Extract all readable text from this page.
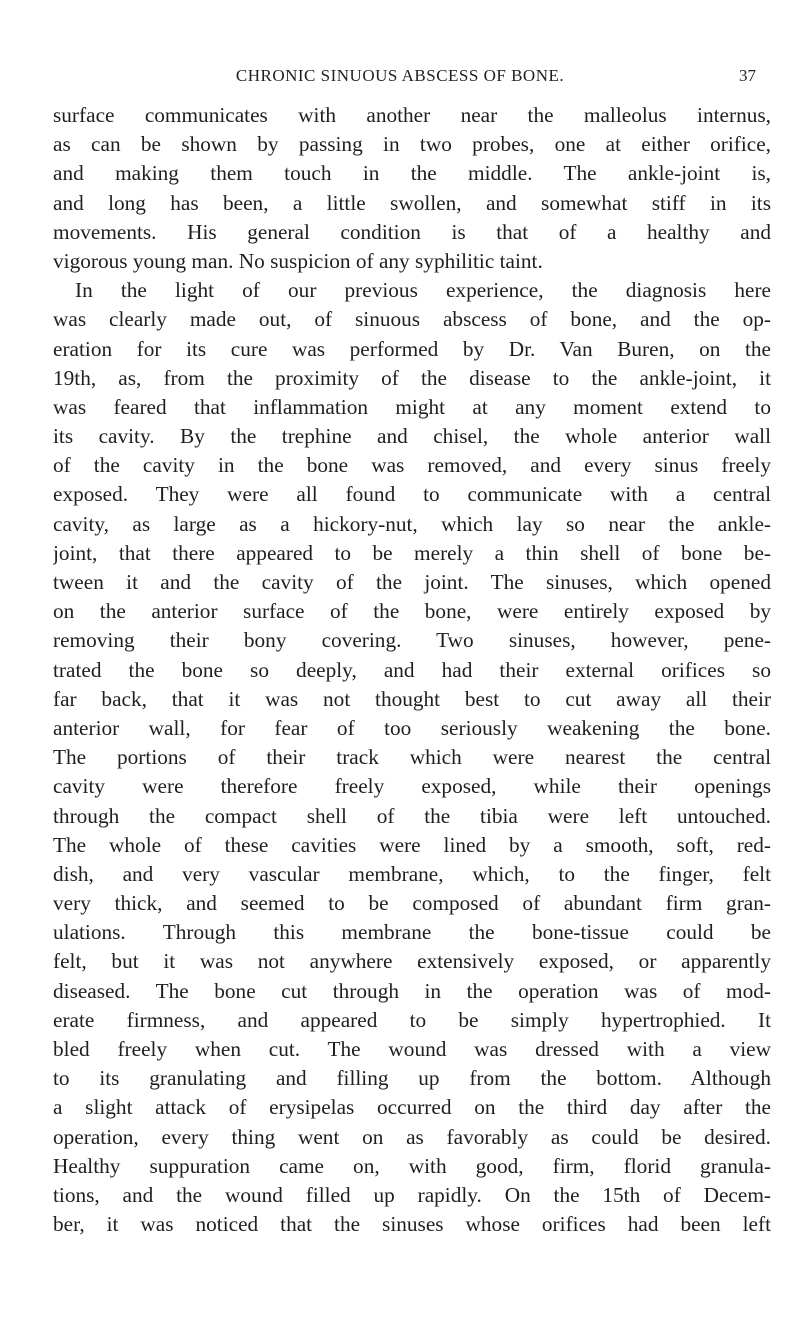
CHRONIC SINUOUS ABSCESS OF BONE.	37
surface communicates with another near the malleolus internus,
as can be shown by passing in two probes, one at either orifice,
and making them touch in the middle. The ankle-joint is,
and long has been, a little swollen, and somewhat stiff in its
movements. His general condition is that of a healthy and
vigorous young man. No suspicion of any syphilitic taint.
In the light of our previous experience, the diagnosis here
was clearly made out, of sinuous abscess of bone, and the op-
eration for its cure was performed by Dr. Van Buren, on the
19th, as, from the proximity of the disease to the ankle-joint, it
was feared that inflammation might at any moment extend to
its cavity. By the trephine and chisel, the whole anterior wall
of the cavity in the bone was removed, and every sinus freely
exposed. They were all found to communicate with a central
cavity, as large as a hickory-nut, which lay so near the ankle-
joint, that there appeared to be merely a thin shell of bone be-
tween it and the cavity of the joint. The sinuses, which opened
on the anterior surface of the bone, were entirely exposed by
removing their bony covering. Two sinuses, however, pene-
trated the bone so deeply, and had their external orifices so
far back, that it was not thought best to cut away all their
anterior wall, for fear of too seriously weakening the bone.
The portions of their track which were nearest the central
cavity were therefore freely exposed, while their openings
through the compact shell of the tibia were left untouched.
The whole of these cavities were lined by a smooth, soft, red-
dish, and very vascular membrane, which, to the finger, felt
very thick, and seemed to be composed of abundant firm gran-
ulations. Through this membrane the bone-tissue could be
felt, but it was not anywhere extensively exposed, or apparently
diseased. The bone cut through in the operation was of mod-
erate firmness, and appeared to be simply hypertrophied. It
bled freely when cut. The wound was dressed with a view
to its granulating and filling up from the bottom. Although
a slight attack of erysipelas occurred on the third day after the
operation, every thing went on as favorably as could be desired.
Healthy suppuration came on, with good, firm, florid granula-
tions, and the wound filled up rapidly. On the 15th of Decem-
ber, it was noticed that the sinuses whose orifices had been left
